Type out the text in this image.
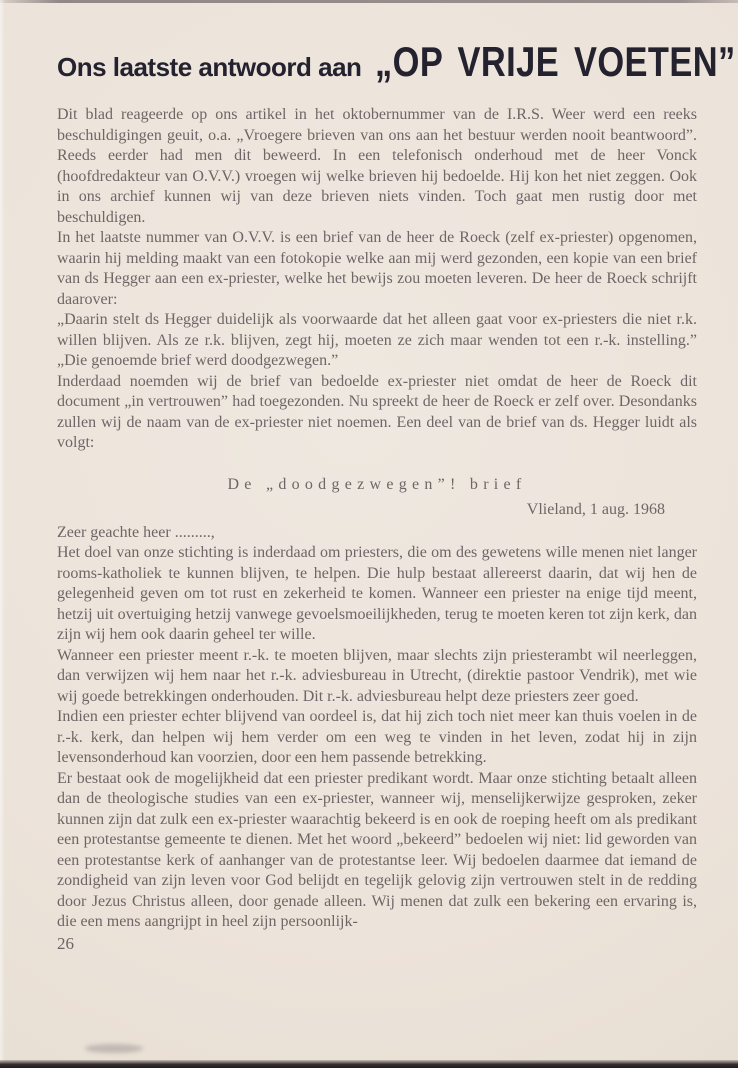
Ons laatste antwoord aan „OP VRIJE VOETEN”

Dit blad reageerde op ons artikel in het oktobernummer van de I.R.S. Weer werd een reeks beschuldigingen geuit, o.a. „Vroegere brieven van ons aan het bestuur werden nooit beantwoord”. Reeds eerder had men dit beweerd. In een telefonisch onderhoud met de heer Vonck (hoofdredakteur van O.V.V.) vroegen wij welke brieven hij bedoelde. Hij kon het niet zeggen. Ook in ons archief kunnen wij van deze brieven niets vinden. Toch gaat men rustig door met beschuldigen.

In het laatste nummer van O.V.V. is een brief van de heer de Roeck (zelf ex-priester) opgenomen, waarin hij melding maakt van een fotokopie welke aan mij werd gezonden, een kopie van een brief van ds Hegger aan een ex-priester, welke het bewijs zou moeten leveren. De heer de Roeck schrijft daarover:

„Daarin stelt ds Hegger duidelijk als voorwaarde dat het alleen gaat voor ex-priesters die niet r.k. willen blijven. Als ze r.k. blijven, zegt hij, moeten ze zich maar wenden tot een r.-k. instelling.” „Die genoemde brief werd doodgezwegen.”

Inderdaad noemden wij de brief van bedoelde ex-priester niet omdat de heer de Roeck dit document „in vertrouwen” had toegezonden. Nu spreekt de heer de Roeck er zelf over. Desondanks zullen wij de naam van de ex-priester niet noemen. Een deel van de brief van ds. Hegger luidt als volgt:

De „doodgezwegen”! brief

Vlieland, 1 aug. 1968

Zeer geachte heer .........,

Het doel van onze stichting is inderdaad om priesters, die om des gewetens wille menen niet langer rooms-katholiek te kunnen blijven, te helpen. Die hulp bestaat allereerst daarin, dat wij hen de gelegenheid geven om tot rust en zekerheid te komen. Wanneer een priester na enige tijd meent, hetzij uit overtuiging hetzij vanwege gevoelsmoeilijkheden, terug te moeten keren tot zijn kerk, dan zijn wij hem ook daarin geheel ter wille.

Wanneer een priester meent r.-k. te moeten blijven, maar slechts zijn priesterambt wil neerleggen, dan verwijzen wij hem naar het r.-k. adviesbureau in Utrecht, (direktie pastoor Vendrik), met wie wij goede betrekkingen onderhouden. Dit r.-k. adviesbureau helpt deze priesters zeer goed.

Indien een priester echter blijvend van oordeel is, dat hij zich toch niet meer kan thuis voelen in de r.-k. kerk, dan helpen wij hem verder om een weg te vinden in het leven, zodat hij in zijn levensonderhoud kan voorzien, door een hem passende betrekking.

Er bestaat ook de mogelijkheid dat een priester predikant wordt. Maar onze stichting betaalt alleen dan de theologische studies van een ex-priester, wanneer wij, menselijkerwijze gesproken, zeker kunnen zijn dat zulk een ex-priester waarachtig bekeerd is en ook de roeping heeft om als predikant een protestantse gemeente te dienen. Met het woord „bekeerd” bedoelen wij niet: lid geworden van een protestantse kerk of aanhanger van de protestantse leer. Wij bedoelen daarmee dat iemand de zondigheid van zijn leven voor God belijdt en tegelijk gelovig zijn vertrouwen stelt in de redding door Jezus Christus alleen, door genade alleen. Wij menen dat zulk een bekering een ervaring is, die een mens aangrijpt in heel zijn persoonlijk-

26
